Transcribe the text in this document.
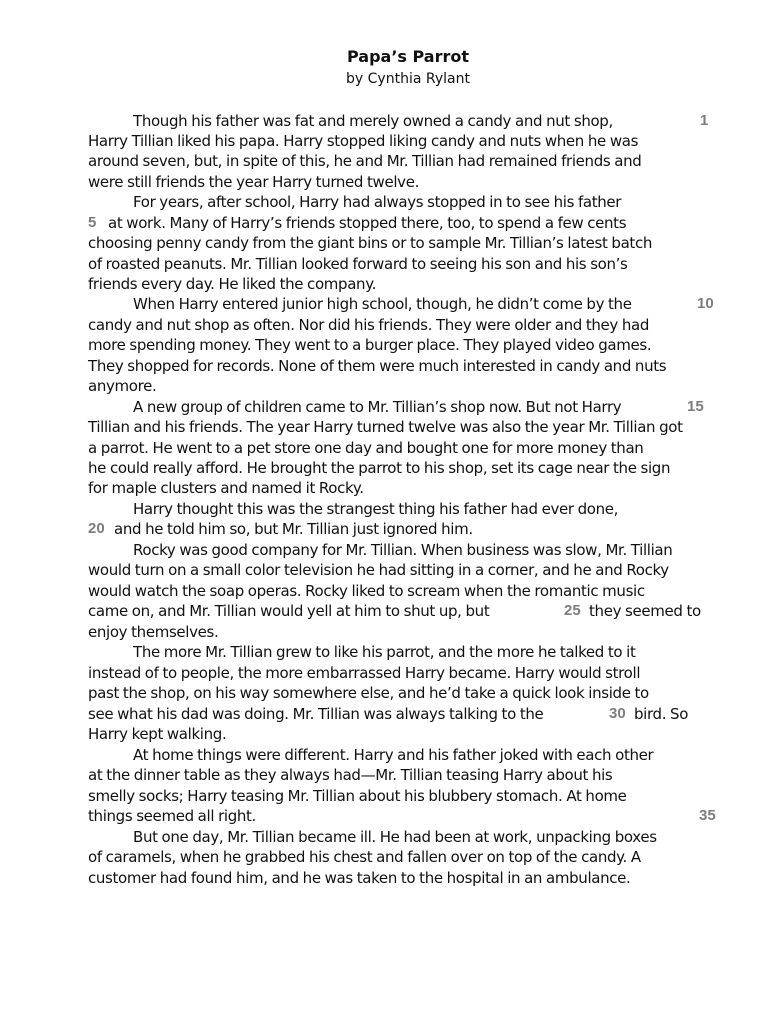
Papa’s Parrot
by Cynthia Rylant
Though his father was fat and merely owned a candy and nut shop,	1
Harry Tillian liked his papa. Harry stopped liking candy and nuts when he was
around seven, but, in spite of this, he and Mr. Tillian had remained friends and
were still friends the year Harry turned twelve.
For years, after school, Harry had always stopped in to see his father
5 at work. Many of Harry’s friends stopped there, too, to spend a few cents
choosing penny candy from the giant bins or to sample Mr. Tillian’s latest batch
of roasted peanuts. Mr. Tillian looked forward to seeing his son and his son’s
friends every day. He liked the company.
When Harry entered junior high school, though, he didn’t come by the	10
candy and nut shop as often. Nor did his friends. They were older and they had
more spending money. They went to a burger place. They played video games.
They shopped for records. None of them were much interested in candy and nuts
anymore.
A new group of children came to Mr. Tillian’s shop now. But not Harry	15
Tillian and his friends. The year Harry turned twelve was also the year Mr. Tillian got
a parrot. He went to a pet store one day and bought one for more money than
he could really afford. He brought the parrot to his shop, set its cage near the sign
for maple clusters and named it Rocky.
Harry thought this was the strangest thing his father had ever done,
20 and he told him so, but Mr. Tillian just ignored him.
Rocky was good company for Mr. Tillian. When business was slow, Mr. Tillian
would turn on a small color television he had sitting in a corner, and he and Rocky
would watch the soap operas. Rocky liked to scream when the romantic music
came on, and Mr. Tillian would yell at him to shut up, but	25 they seemed to
enjoy themselves.
The more Mr. Tillian grew to like his parrot, and the more he talked to it
instead of to people, the more embarrassed Harry became. Harry would stroll
past the shop, on his way somewhere else, and he’d take a quick look inside to
see what his dad was doing. Mr. Tillian was always talking to the	30 bird. So
Harry kept walking.
At home things were different. Harry and his father joked with each other
at the dinner table as they always had—Mr. Tillian teasing Harry about his
smelly socks; Harry teasing Mr. Tillian about his blubbery stomach. At home
things seemed all right.	35
But one day, Mr. Tillian became ill. He had been at work, unpacking boxes
of caramels, when he grabbed his chest and fallen over on top of the candy. A
customer had found him, and he was taken to the hospital in an ambulance.
